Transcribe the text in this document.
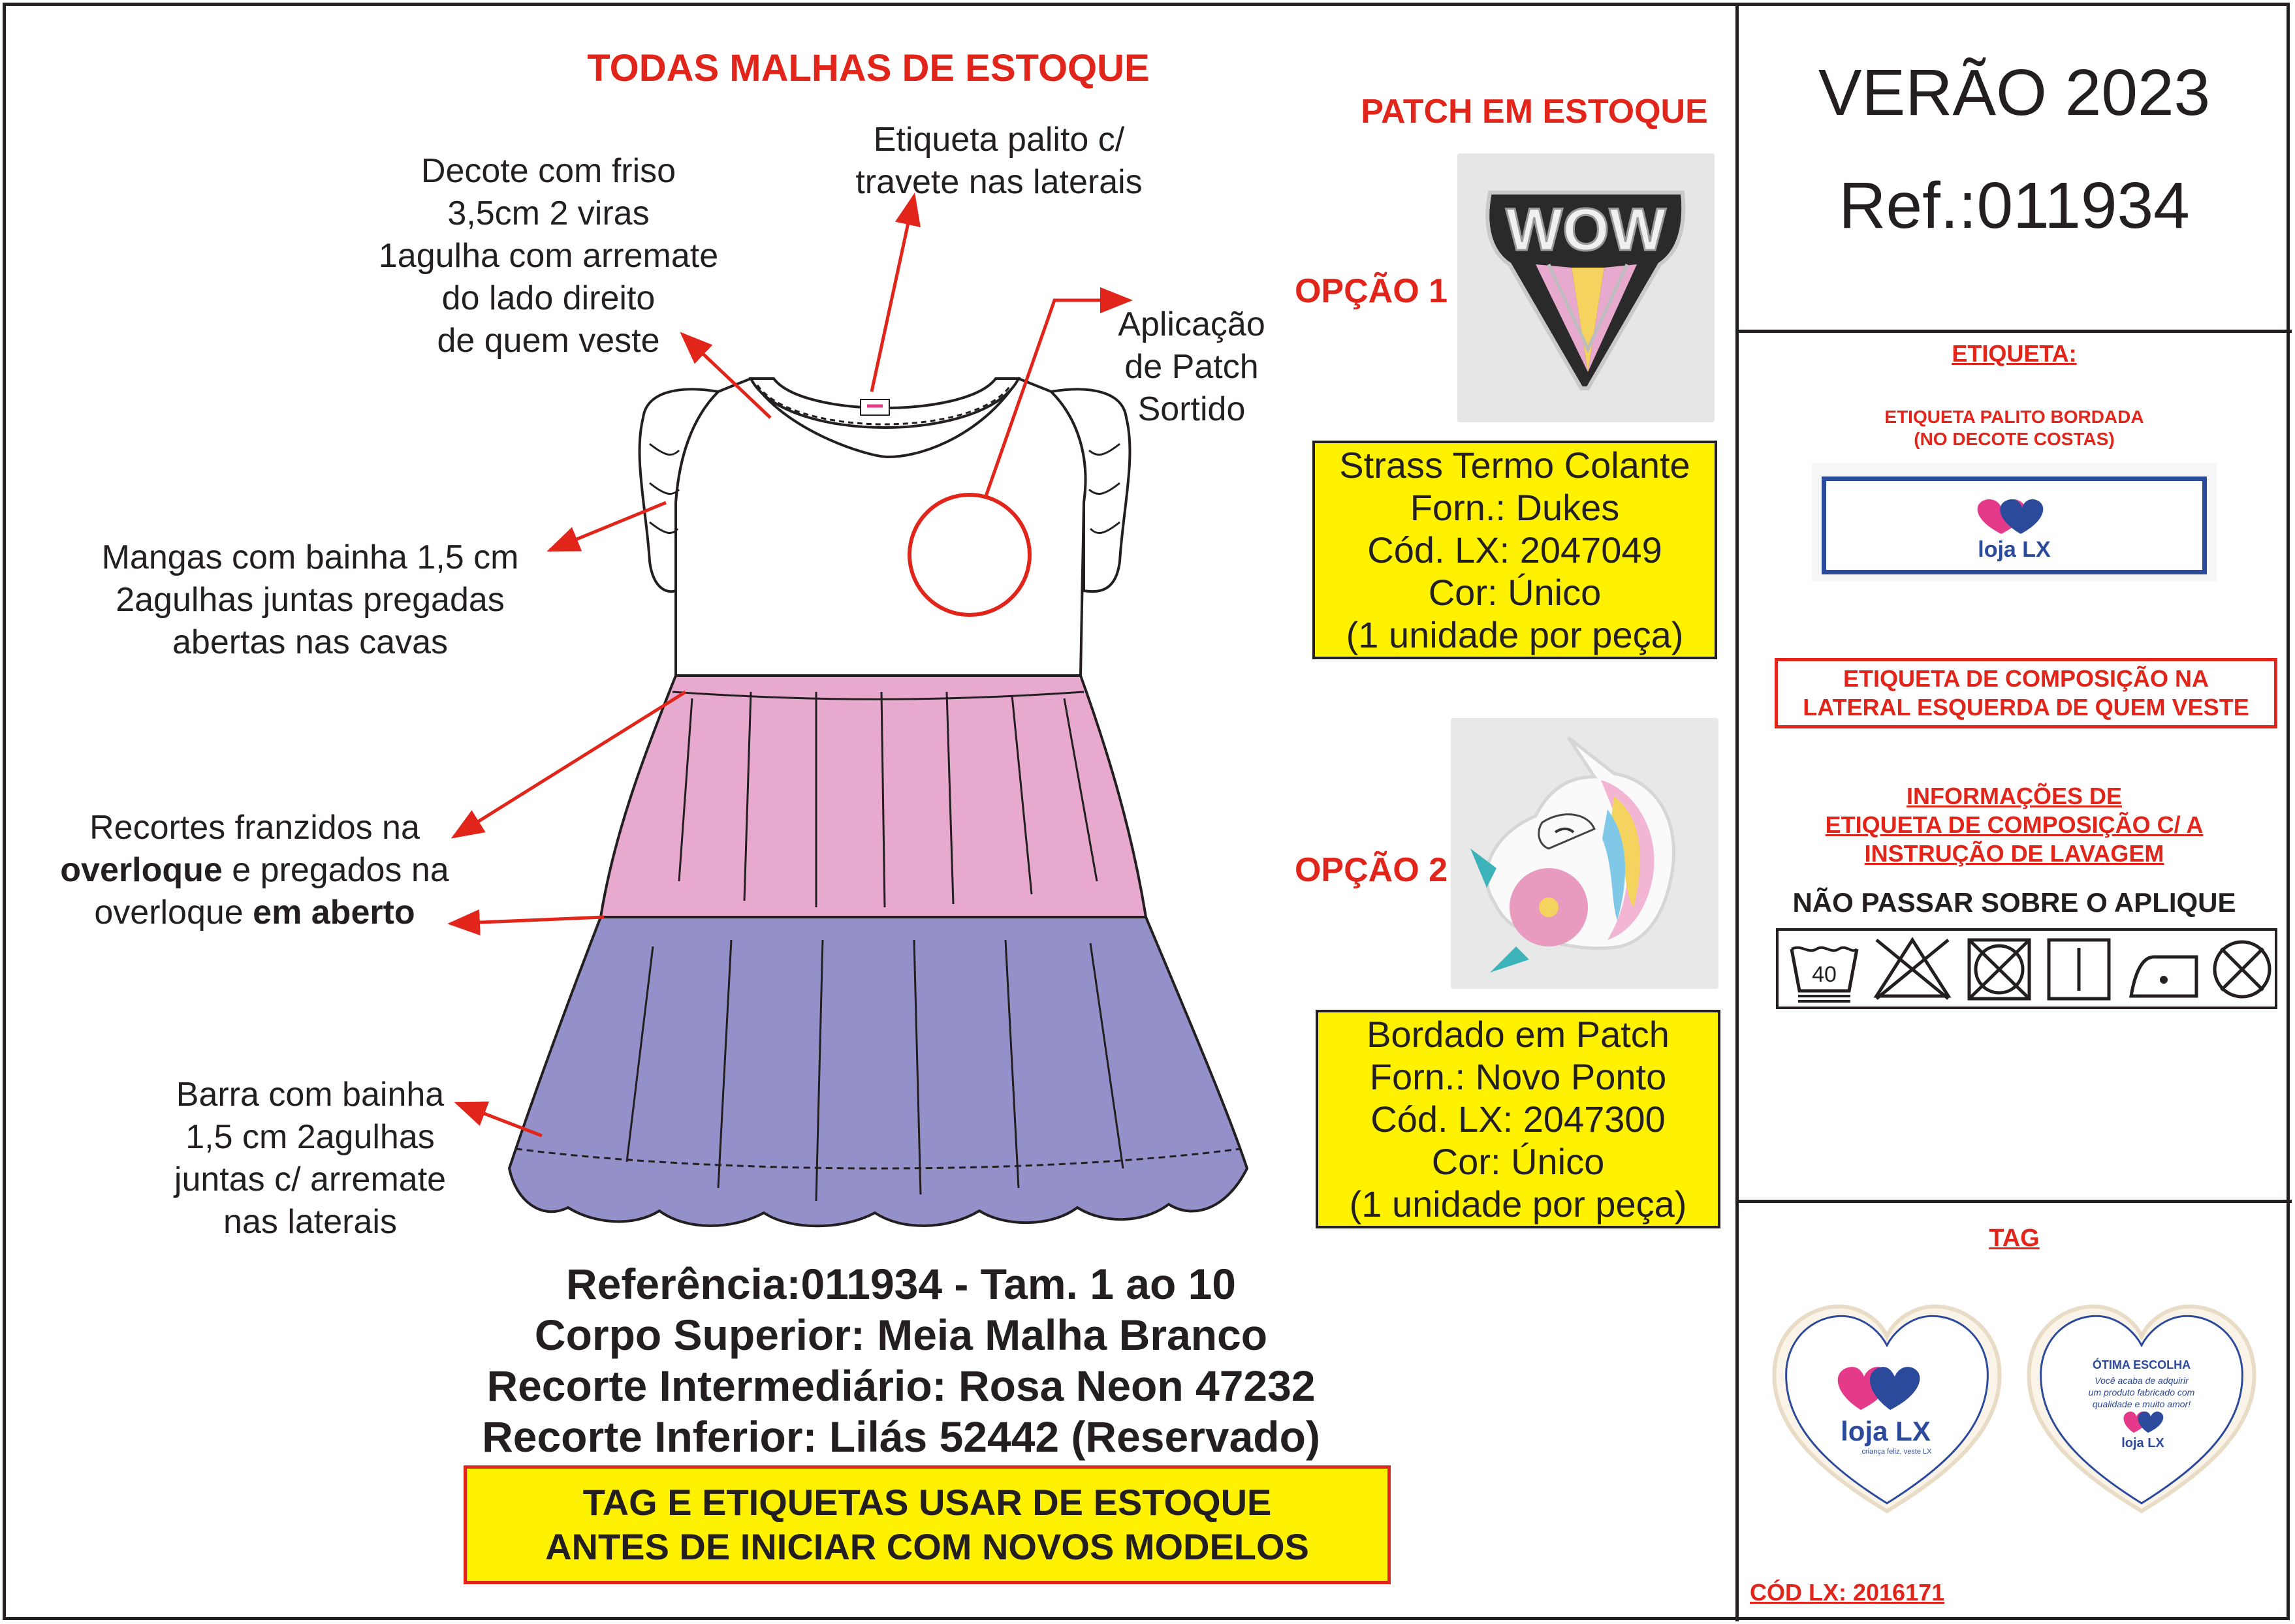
TODAS MALHAS DE ESTOQUE
PATCH EM ESTOQUE	VERÃO 2023
Ref.:011934
Decote com friso
3,5cm 2 viras
1agulha com arremate
do lado direito
de quem veste
Etiqueta palito c/
travete nas laterais
Aplicação
de Patch
Sortido
Mangas com bainha 1,5 cm
2agulhas juntas pregadas
abertas nas cavas
Recortes franzidos na
overloque e pregados na
overloque em aberto
Barra com bainha
1,5 cm 2agulhas
juntas c/ arremate
nas laterais
OPÇÃO 1
WOW
Strass Termo Colante
Forn.: Dukes
Cód. LX: 2047049
Cor: Único
(1 unidade por peça)
OPÇÃO 2
Bordado em Patch
Forn.: Novo Ponto
Cód. LX: 2047300
Cor: Único
(1 unidade por peça)
Referência:011934 - Tam. 1 ao 10
Corpo Superior: Meia Malha Branco
Recorte Intermediário: Rosa Neon 47232
Recorte Inferior: Lilás 52442 (Reservado)
TAG E ETIQUETAS USAR DE ESTOQUE
ANTES DE INICIAR COM NOVOS MODELOS
ETIQUETA:
ETIQUETA PALITO BORDADA
(NO DECOTE COSTAS)
loja LX
ETIQUETA DE COMPOSIÇÃO NA
LATERAL ESQUERDA DE QUEM VESTE
INFORMAÇÕES DE
ETIQUETA DE COMPOSIÇÃO C/ A
INSTRUÇÃO DE LAVAGEM
NÃO PASSAR SOBRE O APLIQUE
40
TAG
loja LX
criança feliz, veste LX
ÓTIMA ESCOLHA
Você acaba de adquirir
um produto fabricado com
qualidade e muito amor!
loja LX
CÓD LX: 2016171
